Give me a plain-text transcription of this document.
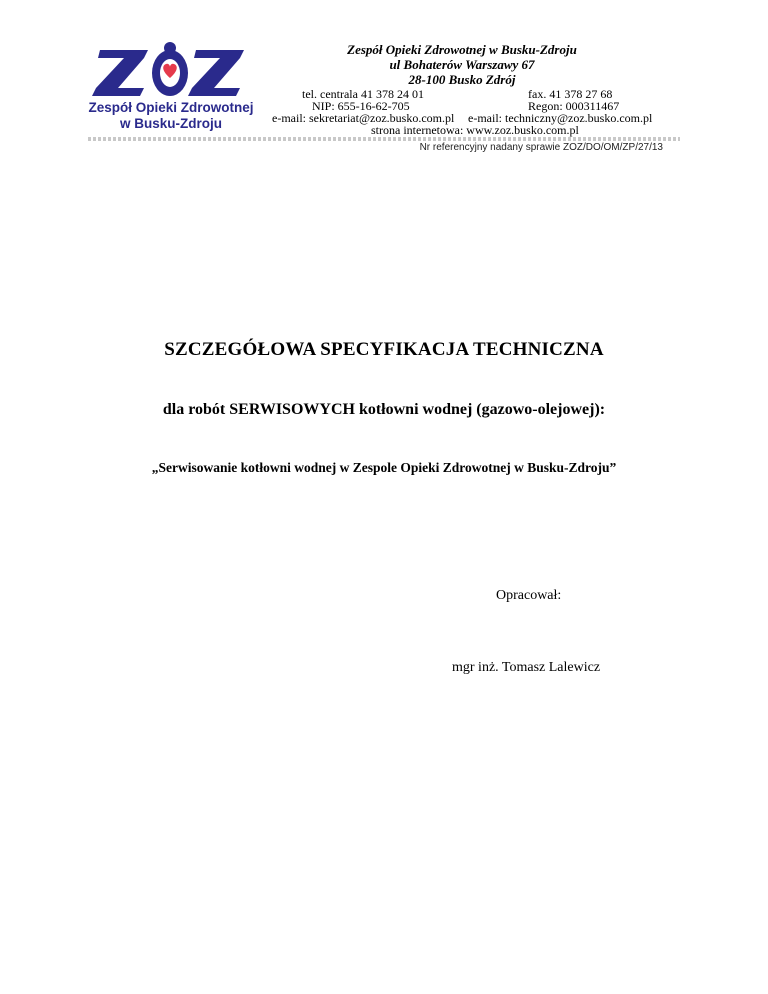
Zespół Opieki Zdrowotnej
w Busku-Zdroju
Zespół Opieki Zdrowotnej w Busku-Zdroju
ul Bohaterów Warszawy 67
28-100 Busko Zdrój
tel. centrala 41 378 24 01	fax. 41 378 27 68
NIP: 655-16-62-705	Regon: 000311467
e-mail: sekretariat@zoz.busko.com.pl e-mail: techniczny@zoz.busko.com.pl
strona internetowa: www.zoz.busko.com.pl
Nr referencyjny nadany sprawie ZOZ/DO/OM/ZP/27/13
SZCZEGÓŁOWA SPECYFIKACJA TECHNICZNA
dla robót SERWISOWYCH kotłowni wodnej (gazowo-olejowej):
„Serwisowanie kotłowni wodnej w Zespole Opieki Zdrowotnej w Busku-Zdroju”
Opracował:
mgr inż. Tomasz Lalewicz
